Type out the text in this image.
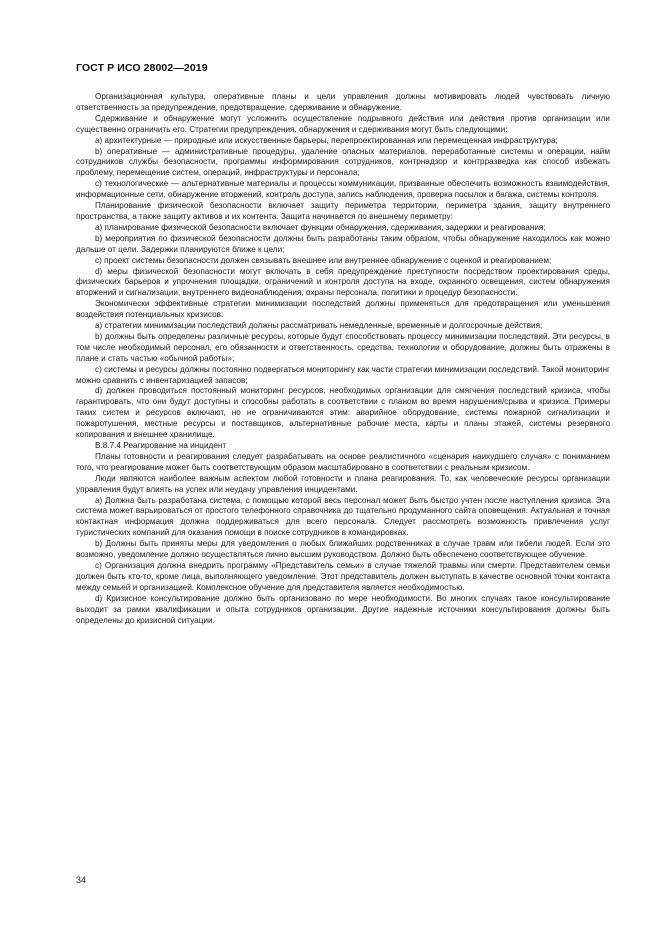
ГОСТ Р ИСО 28002—2019

Организационная культура, оперативные планы и цели управления должны мотивировать людей чувствовать личную ответственность за предупреждение, предотвращение, сдерживание и обнаружение.

Сдерживание и обнаружение могут усложнить осуществление подрывного действия или действия против организации или существенно ограничить его. Стратегии предупреждения, обнаружения и сдерживания могут быть следующими:

a) архитектурные — природные или искусственные барьеры, перепроектированная или перемещенная инфраструктура;

b) оперативные — административные процедуры, удаление опасных материалов, переработанные системы и операции, найм сотрудников службы безопасности, программы информирования сотрудников, контрнадзор и контрразведка как способ избежать проблему, перемещение систем, операций, инфраструктуры и персонала;

c) технологические — альтернативные материалы и процессы коммуникации, призванные обеспечить возможность взаимодействия, информационные сети, обнаружение вторжений, контроль доступа, запись наблюдения, проверка посылок и багажа, системы контроля.

Планирование физической безопасности включает защиту периметра территории, периметра здания, защиту внутреннего пространства, а также защиту активов и их контента. Защита начинается по внешнему периметру:

a) планирование физической безопасности включает функции обнаружения, сдерживания, задержки и реагирования;

b) мероприятия по физической безопасности должны быть разработаны таким образом, чтобы обнаружение находилось как можно дальше от цели. Задержки планируются ближе к цели;

c) проект системы безопасности должен связывать внешнее или внутреннее обнаружение с оценкой и реагированием;

d) меры физической безопасности могут включать в себя предупреждение преступности посредством проектирования среды, физических барьеров и упрочнения площадки, ограничений и контроля доступа на входе, охранного освещения, систем обнаружения вторжений и сигнализации, внутреннего видеонаблюдения, охраны персонала, политики и процедур безопасности.

Экономически эффективные стратегии минимизации последствий должны применяться для предотвращения или уменьшения воздействия потенциальных кризисов:

a) стратегии минимизации последствий должны рассматривать немедленные, временные и долгосрочные действия;

b) должны быть определены различные ресурсы, которые будут способствовать процессу минимизации последствий. Эти ресурсы, в том числе необходимый персонал, его обязанности и ответственность, средства, технологии и оборудование, должны быть отражены в плане и стать частью «обычной работы»;

c) системы и ресурсы должны постоянно подвергаться мониторингу как части стратегии минимизации последствий. Такой мониторинг можно сравнить с инвентаризацией запасов;

d) должен проводиться постоянный мониторинг ресурсов, необходимых организации для смягчения последствий кризиса, чтобы гарантировать, что они будут доступны и способны работать в соответствии с планом во время нарушения/срыва и кризиса. Примеры таких систем и ресурсов включают, но не ограничиваются этим: аварийное оборудование, системы пожарной сигнализации и пожаротушения, местные ресурсы и поставщиков, альтернативные рабочие места, карты и планы этажей, системы резервного копирования и внешнее хранилище.

В.8.7.4 Реагирование на инцидент

Планы готовности и реагирования следует разрабатывать на основе реалистичного «сценария наихудшего случая» с пониманием того, что реагирование может быть соответствующим образом масштабировано в соответствии с реальным кризисом.

Люди являются наиболее важным аспектом любой готовности и плана реагирования. То, как человеческие ресурсы организации управления будут влиять на успех или неудачу управления инцидентами.

a) Должна быть разработана система, с помощью которой весь персонал может быть быстро учтен после наступления кризиса. Эта система может варьироваться от простого телефонного справочника до тщательно продуманного сайта оповещения. Актуальная и точная контактная информация должна поддерживаться для всего персонала. Следует рассмотреть возможность привлечения услуг туристических компаний для оказания помощи в поиске сотрудников в командировках.

b) Должны быть приняты меры для уведомления о любых ближайших родственниках в случае травм или гибели людей. Если это возможно, уведомление должно осуществляться лично высшим руководством. Должно быть обеспечено соответствующее обучение.

c) Организация должна внедрить программу «Представитель семьи» в случае тяжелой травмы или смерти. Представителем семьи должен быть кто-то, кроме лица, выполняющего уведомление. Этот представитель должен выступать в качестве основной точки контакта между семьей и организацией. Комплексное обучение для представителя является необходимостью.

d) Кризисное консультирование должно быть организовано по мере необходимости. Во многих случаях такое консультирование выходит за рамки квалификации и опыта сотрудников организации. Другие надежные источники консультирования должны быть определены до кризисной ситуации.

34
